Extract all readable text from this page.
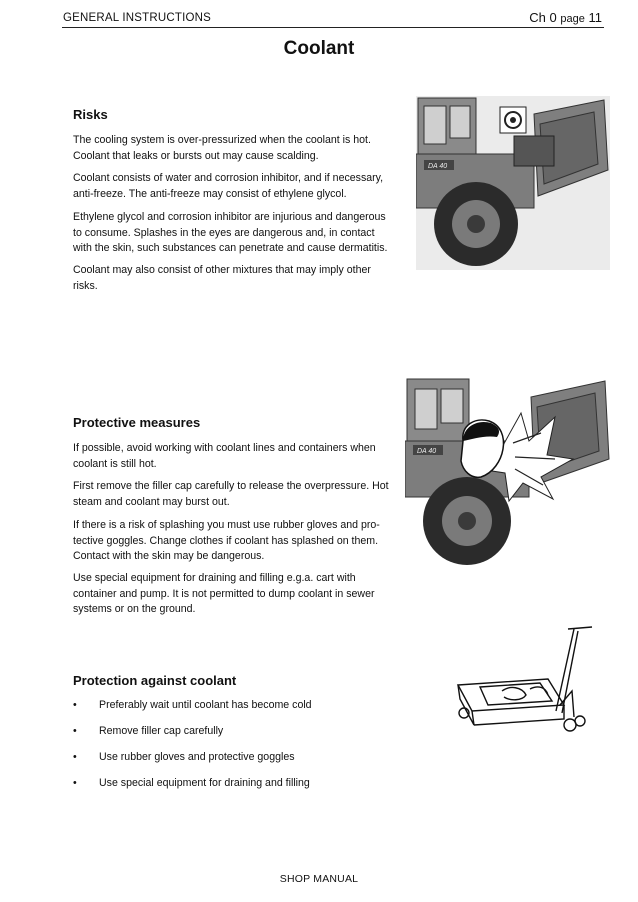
GENERAL INSTRUCTIONS	Ch 0 page 11
Coolant
Risks

The cooling system is over-pressurized when the coolant is hot. Coolant that leaks or bursts out may cause scalding.

Coolant consists of water and corrosion inhibitor, and if necessary, anti-freeze. The anti-freeze may consist of ethylene glycol.

Ethylene glycol and corrosion inhibitor are injurious and dangerous to consume. Splashes in the eyes are dangerous and, in contact with the skin, such substances can penetrate and cause dermatitis.

Coolant may also consist of other mixtures that may imply other risks.

DA 40
Protective measures

If possible, avoid working with coolant lines and containers when coolant is still hot.

First remove the filler cap carefully to release the overpressure. Hot steam and coolant may burst out.

If there is a risk of splashing you must use rubber gloves and pro-tective goggles. Change clothes if coolant has splashed on them. Contact with the skin may be dangerous.

Use special equipment for draining and filling e.g.a. cart with container and pump. It is not permitted to dump coolant in sewer systems or on the ground.

DA 40
Protection against coolant
• Preferably wait until coolant has become cold
• Remove filler cap carefully
• Use rubber gloves and protective goggles
• Use special equipment for draining and filling
SHOP MANUAL
